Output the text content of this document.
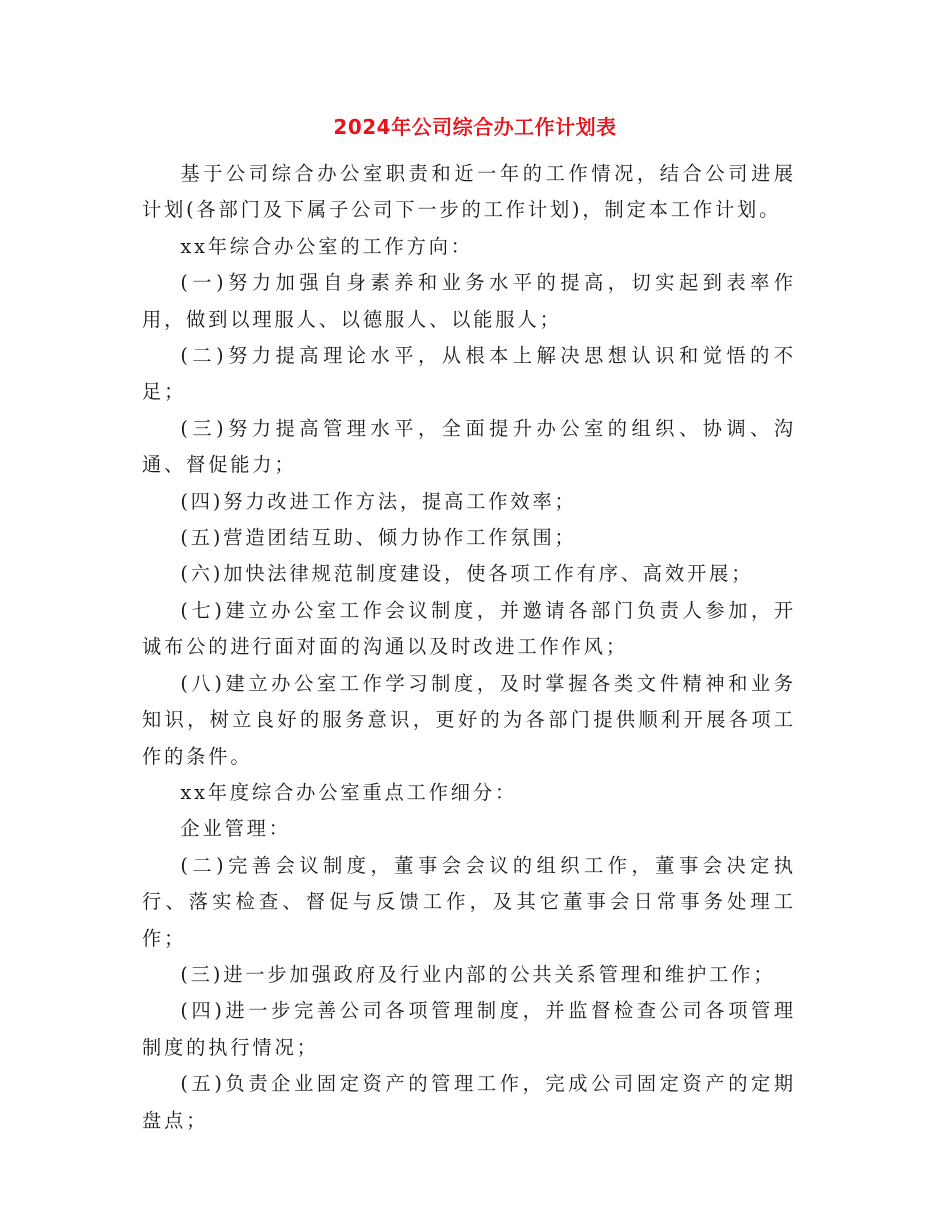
2024年公司综合办工作计划表

基于公司综合办公室职责和近一年的工作情况，结合公司进展计划(各部门及下属子公司下一步的工作计划)，制定本工作计划。

xx年综合办公室的工作方向：

(一)努力加强自身素养和业务水平的提高，切实起到表率作用，做到以理服人、以德服人、以能服人；

(二)努力提高理论水平，从根本上解决思想认识和觉悟的不足；

(三)努力提高管理水平，全面提升办公室的组织、协调、沟通、督促能力；

(四)努力改进工作方法，提高工作效率；

(五)营造团结互助、倾力协作工作氛围；

(六)加快法律规范制度建设，使各项工作有序、高效开展；

(七)建立办公室工作会议制度，并邀请各部门负责人参加，开诚布公的进行面对面的沟通以及时改进工作作风；

(八)建立办公室工作学习制度，及时掌握各类文件精神和业务知识，树立良好的服务意识，更好的为各部门提供顺利开展各项工作的条件。

xx年度综合办公室重点工作细分：

企业管理：

(二)完善会议制度，董事会会议的组织工作，董事会决定执行、落实检查、督促与反馈工作，及其它董事会日常事务处理工作；

(三)进一步加强政府及行业内部的公共关系管理和维护工作；

(四)进一步完善公司各项管理制度，并监督检查公司各项管理制度的执行情况；

(五)负责企业固定资产的管理工作，完成公司固定资产的定期盘点；
